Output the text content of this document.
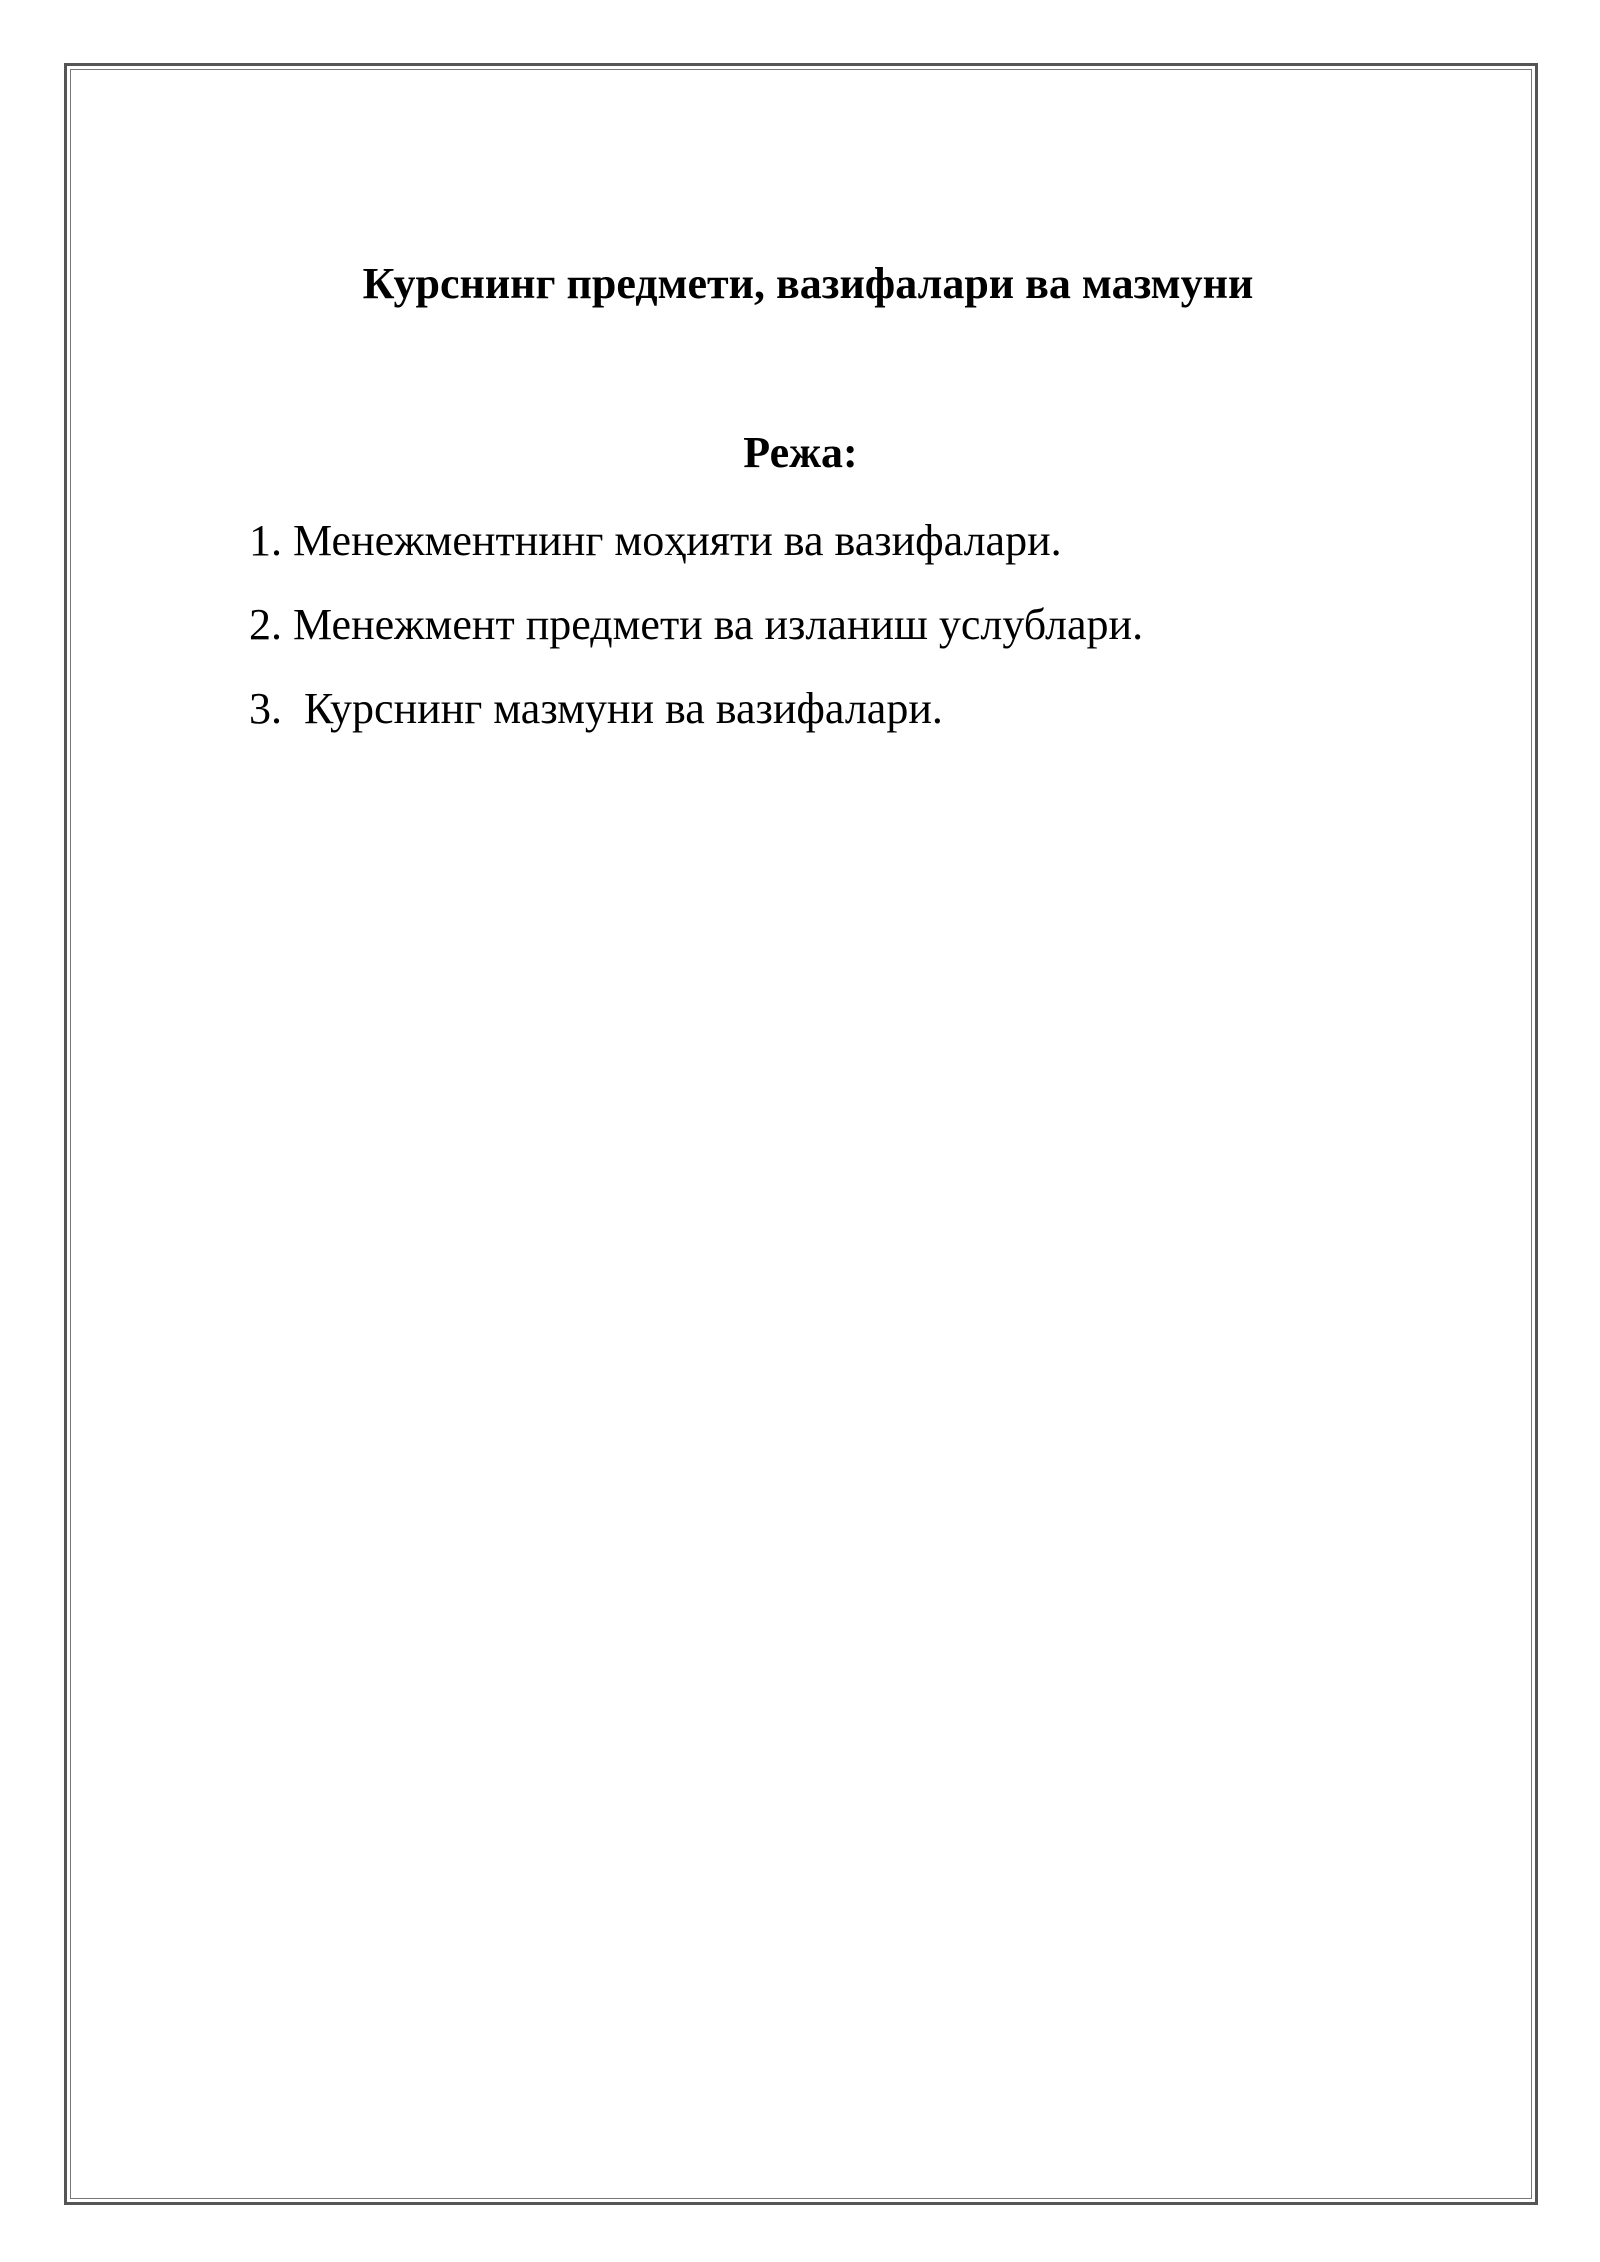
Курснинг предмети, вазифалари ва мазмуни
Режа:
1. Менежментнинг моҳияти ва вазифалари.
2. Менежмент предмети ва изланиш услублари.
3.  Курснинг мазмуни ва вазифалари.
